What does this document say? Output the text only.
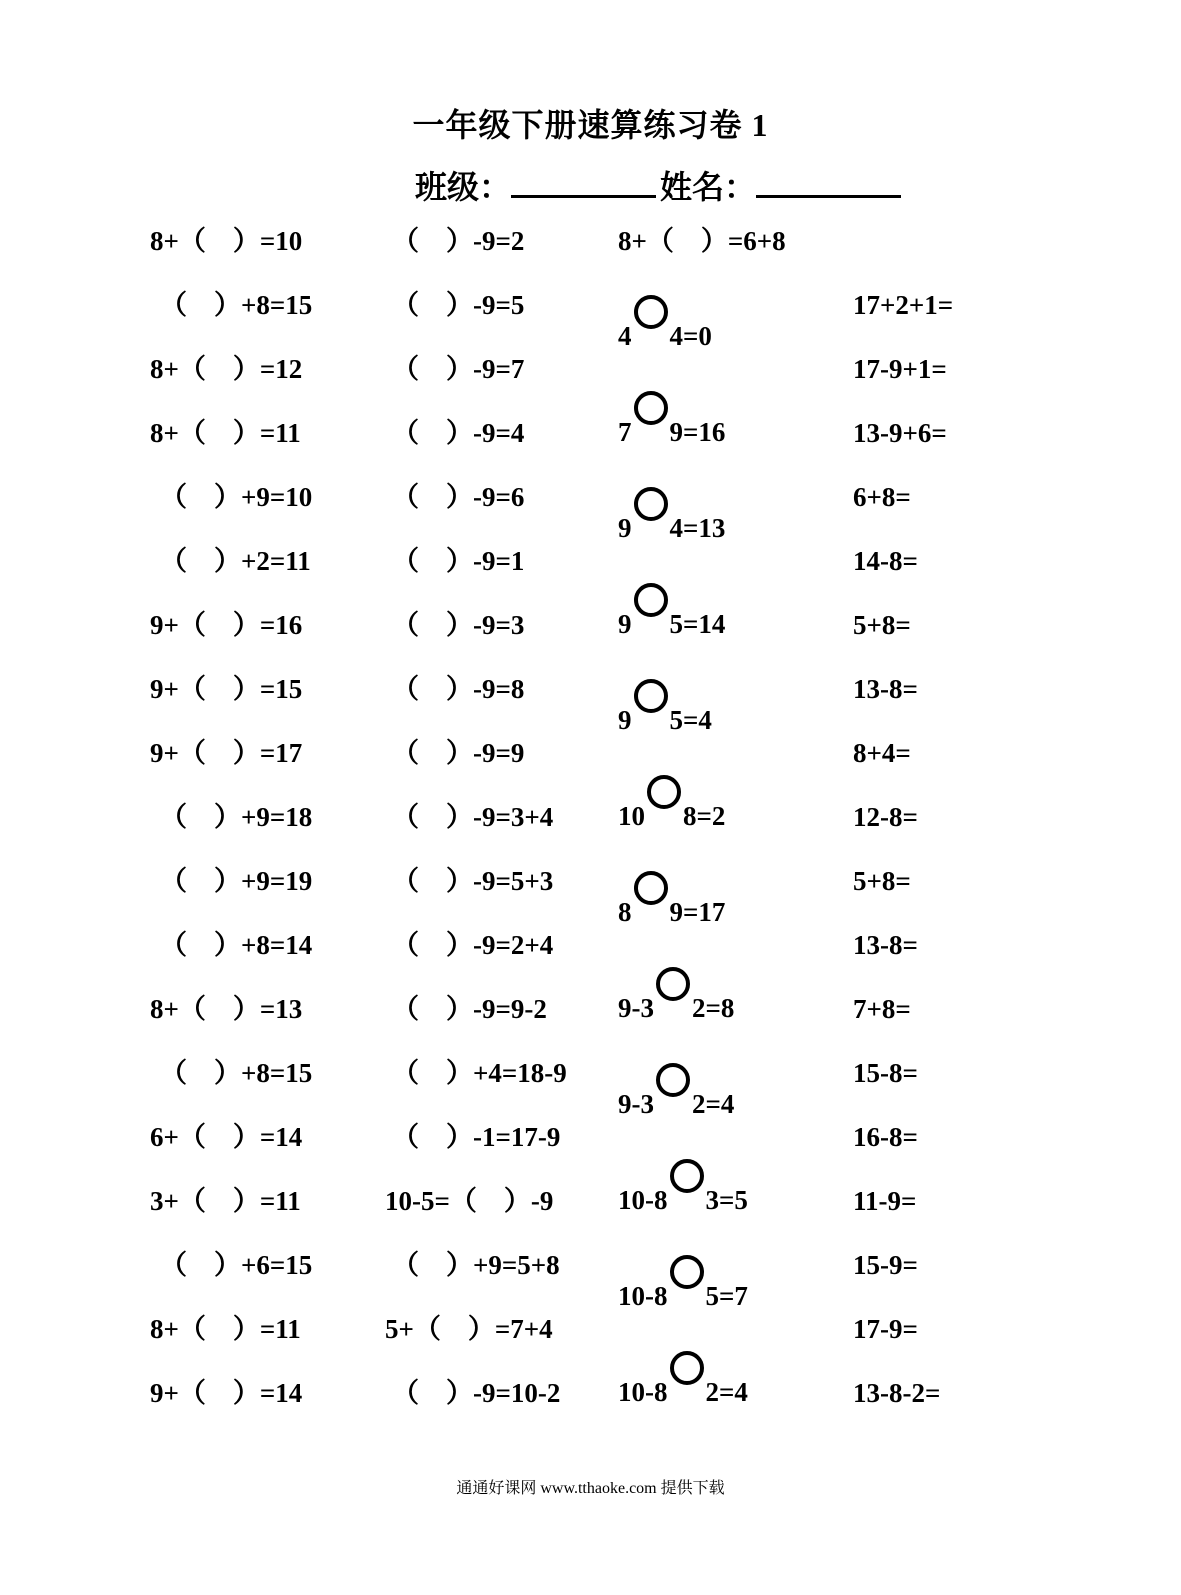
一年级下册速算练习卷 1
班级：	姓名：
8+（　）=10
（　）+8=15
8+（　）=12
8+（　）=11
（　）+9=10
（　）+2=11
9+（　）=16
9+（　）=15
9+（　）=17
（　）+9=18
（　）+9=19
（　）+8=14
8+（　）=13
（　）+8=15
6+（　）=14
3+（　）=11
（　）+6=15
8+（　）=11
9+（　）=14
（　）-9=2
（　）-9=5
（　）-9=7
（　）-9=4
（　）-9=6
（　）-9=1
（　）-9=3
（　）-9=8
（　）-9=9
（　）-9=3+4
（　）-9=5+3
（　）-9=2+4
（　）-9=9-2
（　）+4=18-9
（　）-1=17-9
10-5=（　）-9
（　）+9=5+8
5+（　）=7+4
（　）-9=10-2
8+（　）=6+8
4 4=0
7 9=16
9 4=13
9 5=14
9 5=4
10 8=2
8 9=17
9-3 2=8
9-3 2=4
10-8 3=5
10-8 5=7
10-8 2=4
17+2+1=
17-9+1=
13-9+6=
6+8=
14-8=
5+8=
13-8=
8+4=
12-8=
5+8=
13-8=
7+8=
15-8=
16-8=
11-9=
15-9=
17-9=
13-8-2=
通通好课网 www.tthaoke.com 提供下载
